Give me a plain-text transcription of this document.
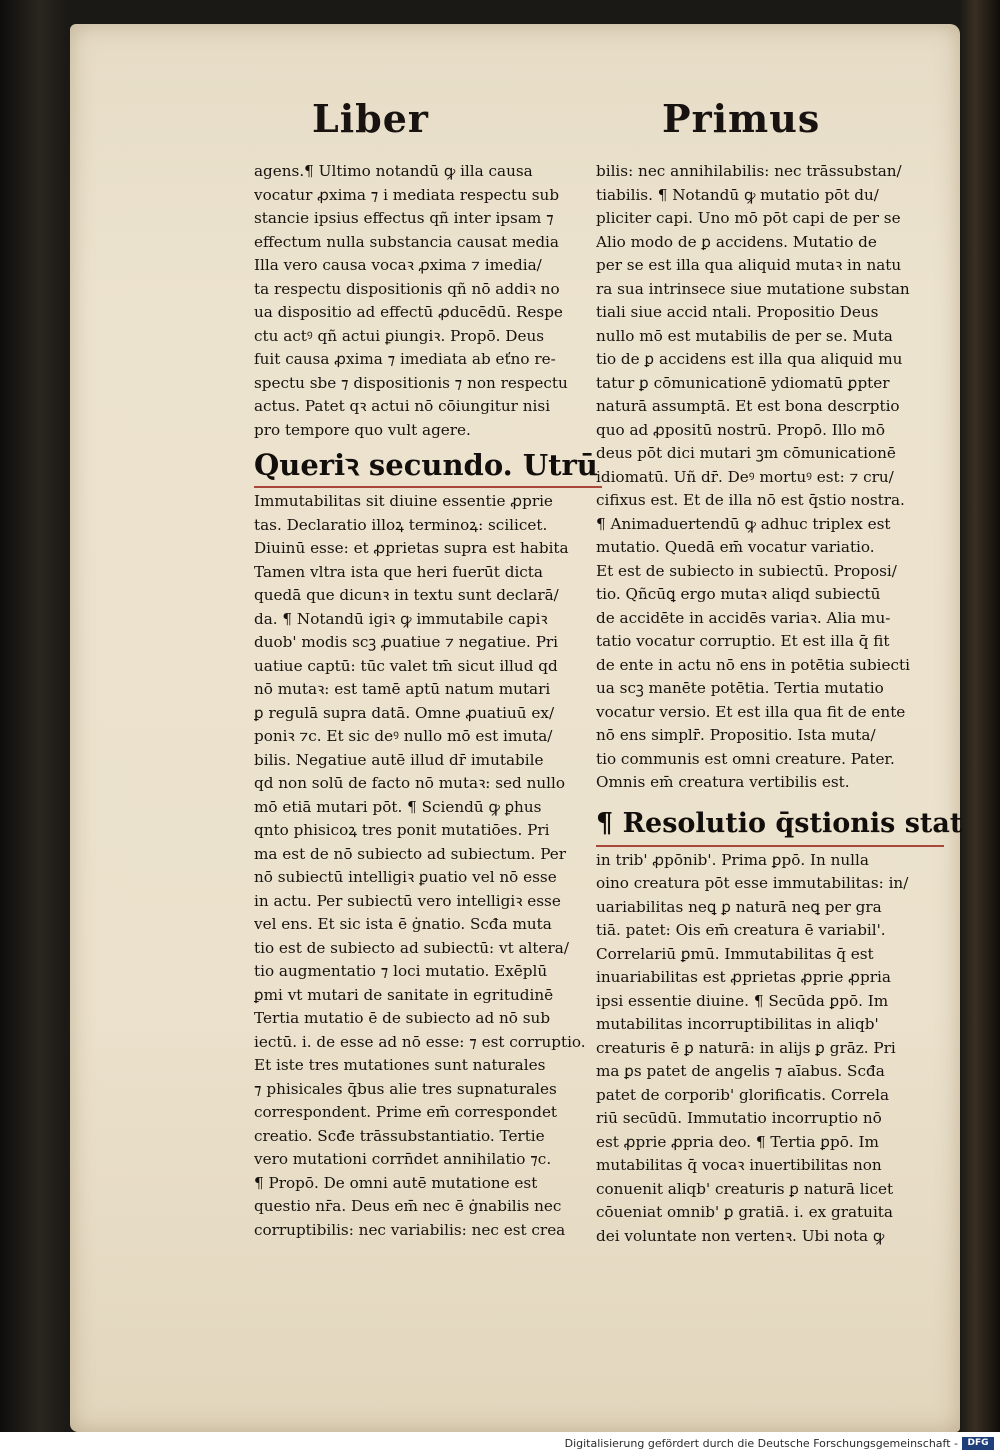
Liber	Primus
agens.¶ Ultimo notandū ꝙ illa causa
vocatur ꝓxima ⁊ i mediata respectu sub
stancie ipsius effectus qñ inter ipsam ⁊
effectum nulla substancia causat media
Illa vero causa vocaꝛ ꝓxima ⁊ imedia/
ta respectu dispositionis qñ nō addiꝛ no
ua dispositio ad effectū ꝓducēdū. Respe
ctu actꝰ qñ actui ꝑiungiꝛ. Propō. Deus
fuit causa ꝓxima ⁊ imediata ab eťno re-
spectu sbe ⁊ dispositionis ⁊ non respectu
actus. Patet qꝛ actui nō cōiungitur nisi
pro tempore quo vult agere.
Queriꝛ secundo. Utrū
Immutabilitas sit diuine essentie ꝓprie
tas. Declaratio illoꝝ terminoꝝ: scilicet.
Diuinū esse: et ꝓprietas supra est habita
Tamen vltra ista que heri fuerūt dicta
quedā que dicunꝛ in textu sunt declarā/
da. ¶ Notandū igiꝛ ꝙ immutabile capiꝛ
duob' modis scꝫ ꝓuatiue ⁊ negatiue. Pri
uatiue captū: tūc valet tm̄ sicut illud qd
nō mutaꝛ: est tamē aptū natum mutari
ꝑ regulā supra datā. Omne ꝓuatiuū ex/
poniꝛ ⁊c. Et sic deꝰ nullo mō est imuta/
bilis. Negatiue autē illud dr̄ imutabile
qd non solū de facto nō mutaꝛ: sed nullo
mō etiā mutari pōt. ¶ Sciendū ꝙ ꝑhus
qnto phisicoꝝ tres ponit mutatiōes. Pri
ma est de nō subiecto ad subiectum. Per
nō subiectū intelligiꝛ ꝑuatio vel nō esse
in actu. Per subiectū vero intelligiꝛ esse
vel ens. Et sic ista ē ġnatio. Scđa muta
tio est de subiecto ad subiectū: vt altera/
tio augmentatio ⁊ loci mutatio. Exēplū
ꝑmi vt mutari de sanitate in egritudinē
Tertia mutatio ē de subiecto ad nō sub
iectū. i. de esse ad nō esse: ⁊ est corruptio.
Et iste tres mutationes sunt naturales
⁊ phisicales q̄bus alie tres supnaturales
correspondent. Prime em̄ correspondet
creatio. Scđe trāssubstantiatio. Tertie
vero mutationi corrn̄det annihilatio ⁊c.
¶ Propō. De omni autē mutatione est
questio nr̄a. Deus em̄ nec ē ġnabilis nec
corruptibilis: nec variabilis: nec est crea
bilis: nec annihilabilis: nec trāssubstan/
tiabilis. ¶ Notandū ꝙ mutatio pōt du/
pliciter capi. Uno mō pōt capi de per se
Alio modo de ꝑ accidens. Mutatio de
per se est illa qua aliquid mutaꝛ in natu
ra sua intrinsece siue mutatione substan
tiali siue accid ntali. Propositio Deus
nullo mō est mutabilis de per se. Muta
tio de ꝑ accidens est illa qua aliquid mu
tatur ꝑ cōmunicationē ydiomatū ꝑpter
naturā assumptā. Et est bona descrptio
quo ad ꝓpositū nostrū. Propō. Illo mō
deus pōt dici mutari ꝫm cōmunicationē
idiomatū. Uñ dr̄. Deꝰ mortuꝰ est: ⁊ cru/
cifixus est. Et de illa nō est q̄stio nostra.
¶ Animaduertendū ꝙ adhuc triplex est
mutatio. Quedā em̄ vocatur variatio.
Et est de subiecto in subiectū. Proposi/
tio. Qñcūꝗ ergo mutaꝛ aliqd subiectū
de accidēte in accidēs variaꝛ. Alia mu-
tatio vocatur corruptio. Et est illa q̄ fit
de ente in actu nō ens in potētia subiecti
ua scꝫ manēte potētia. Tertia mutatio
vocatur versio. Et est illa qua fit de ente
nō ens simplr̄. Propositio. Ista muta/
tio communis est omni creature. Pater.
Omnis em̄ creatura vertibilis est.
¶ Resolutio q̄stionis stat
in trib' ꝓpōnib'. Prima ꝑpō. In nulla
oino creatura pōt esse immutabilitas: in/
uariabilitas neꝗ ꝑ naturā neꝗ per gra
tiā. patet: Ois em̄ creatura ē variabil'.
Correlariū ꝑmū. Immutabilitas q̄ est
inuariabilitas est ꝓprietas ꝓprie ꝓpria
ipsi essentie diuine. ¶ Secūda ꝑpō. Im
mutabilitas incorruptibilitas in aliqb'
creaturis ē ꝑ naturā: in alijs ꝑ grāz. Pri
ma ꝑs patet de angelis ⁊ aīabus. Scđa
patet de corporib' glorificatis. Correla
riū secūdū. Immutatio incorruptio nō
est ꝓprie ꝓpria deo. ¶ Tertia ꝑpō. Im
mutabilitas q̄ vocaꝛ inuertibilitas non
conuenit aliqb' creaturis ꝑ naturā licet
cōueniat omnib' ꝑ gratiā. i. ex gratuita
dei voluntate non vertenꝛ. Ubi nota ꝙ
Digitalisierung gefördert durch die Deutsche Forschungsgemeinschaft -	DFG
